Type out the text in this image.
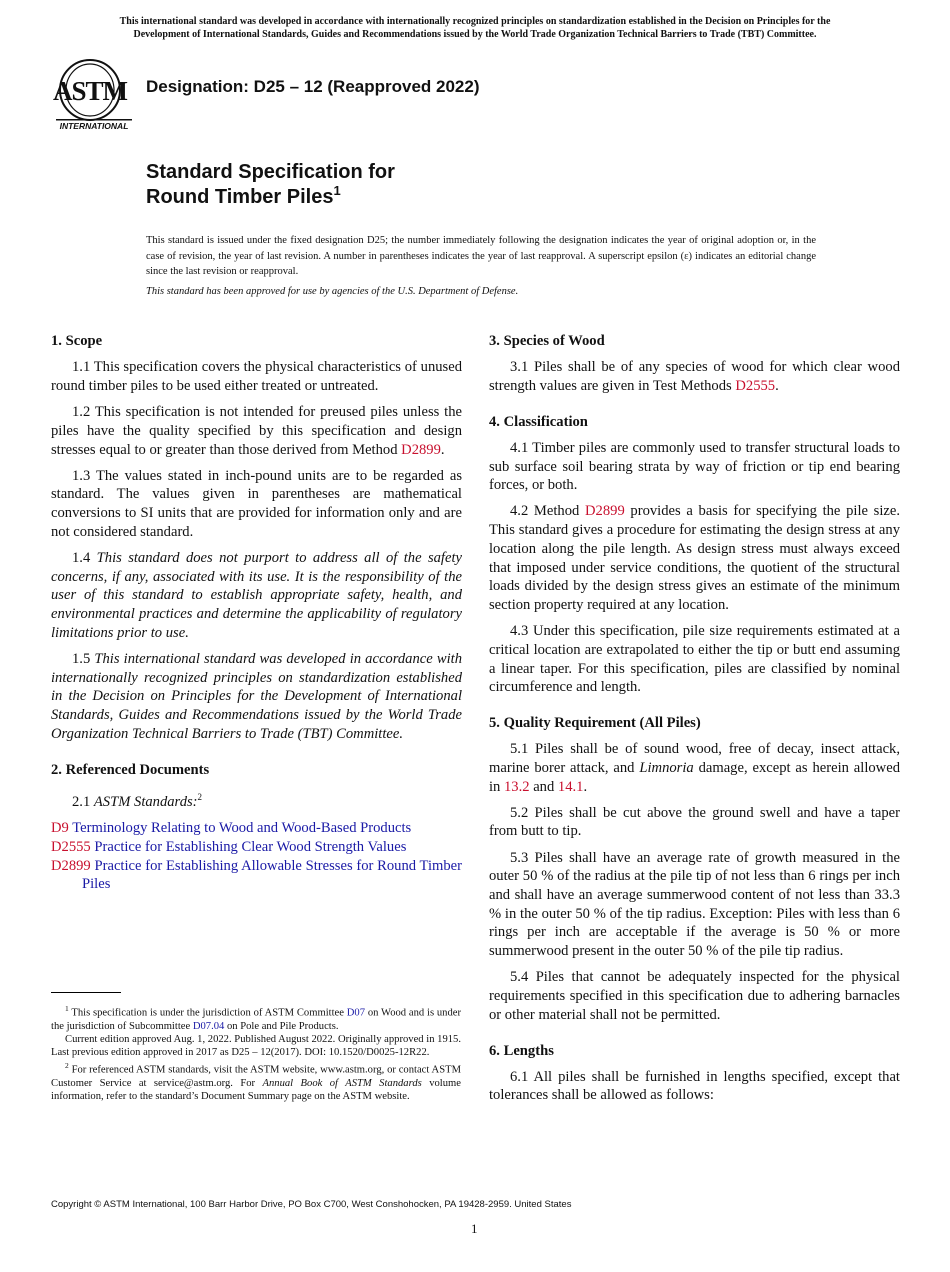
This international standard was developed in accordance with internationally recognized principles on standardization established in the Decision on Principles for the
Development of International Standards, Guides and Recommendations issued by the World Trade Organization Technical Barriers to Trade (TBT) Committee.
ASTM
INTERNATIONAL
Designation: D25 – 12 (Reapproved 2022)
Standard Specification for
Round Timber Piles$^1$
This standard is issued under the fixed designation D25; the number immediately following the designation indicates the year of original adoption or, in the case of revision, the year of last revision. A number in parentheses indicates the year of last reapproval. A superscript epsilon (ε) indicates an editorial change since the last revision or reapproval.
This standard has been approved for use by agencies of the U.S. Department of Defense.
1. Scope

1.1 This specification covers the physical characteristics of unused round timber piles to be used either treated or untreated.

1.2 This specification is not intended for preused piles unless the piles have the quality specified by this specification and design stresses equal to or greater than those derived from Method D2899.

1.3 The values stated in inch-pound units are to be regarded as standard. The values given in parentheses are mathematical conversions to SI units that are provided for information only and are not considered standard.

1.4 This standard does not purport to address all of the safety concerns, if any, associated with its use. It is the responsibility of the user of this standard to establish appropriate safety, health, and environmental practices and determine the applicability of regulatory limitations prior to use.

1.5 This international standard was developed in accordance with internationally recognized principles on standardization established in the Decision on Principles for the Development of International Standards, Guides and Recommendations issued by the World Trade Organization Technical Barriers to Trade (TBT) Committee.

2. Referenced Documents

2.1 ASTM Standards:$^2$

D9 Terminology Relating to Wood and Wood-Based Products
D2555 Practice for Establishing Clear Wood Strength Values
D2899 Practice for Establishing Allowable Stresses for Round Timber Piles

$^1$ This specification is under the jurisdiction of ASTM Committee D07 on Wood and is under the jurisdiction of Subcommittee D07.04 on Pole and Pile Products.

Current edition approved Aug. 1, 2022. Published August 2022. Originally approved in 1915. Last previous edition approved in 2017 as D25 – 12(2017). DOI: 10.1520/D0025-12R22.

$^2$ For referenced ASTM standards, visit the ASTM website, www.astm.org, or contact ASTM Customer Service at service@astm.org. For Annual Book of ASTM Standards volume information, refer to the standard’s Document Summary page on the ASTM website.

3. Species of Wood

3.1 Piles shall be of any species of wood for which clear wood strength values are given in Test Methods D2555.

4. Classification

4.1 Timber piles are commonly used to transfer structural loads to sub surface soil bearing strata by way of friction or tip end bearing forces, or both.

4.2 Method D2899 provides a basis for specifying the pile size. This standard gives a procedure for estimating the design stress at any location along the pile length. As design stress must always exceed that imposed under service conditions, the quotient of the structural loads divided by the design stress gives an estimate of the minimum section property required at any location.

4.3 Under this specification, pile size requirements estimated at a critical location are extrapolated to either the tip or butt end assuming a linear taper. For this specification, piles are classified by nominal circumference and length.

5. Quality Requirement (All Piles)

5.1 Piles shall be of sound wood, free of decay, insect attack, marine borer attack, and Limnoria damage, except as herein allowed in 13.2 and 14.1.

5.2 Piles shall be cut above the ground swell and have a taper from butt to tip.

5.3 Piles shall have an average rate of growth measured in the outer 50 % of the radius at the pile tip of not less than 6 rings per inch and shall have an average summerwood content of not less than 33.3 % in the outer 50 % of the tip radius. Exception: Piles with less than 6 rings per inch are acceptable if the average is 50 % or more summerwood present in the outer 50 % of the pile tip radius.

5.4 Piles that cannot be adequately inspected for the physical requirements specified in this specification due to adhering barnacles or other material shall not be permitted.

6. Lengths

6.1 All piles shall be furnished in lengths specified, except that tolerances shall be allowed as follows:

Copyright © ASTM International, 100 Barr Harbor Drive, PO Box C700, West Conshohocken, PA 19428-2959. United States
1
